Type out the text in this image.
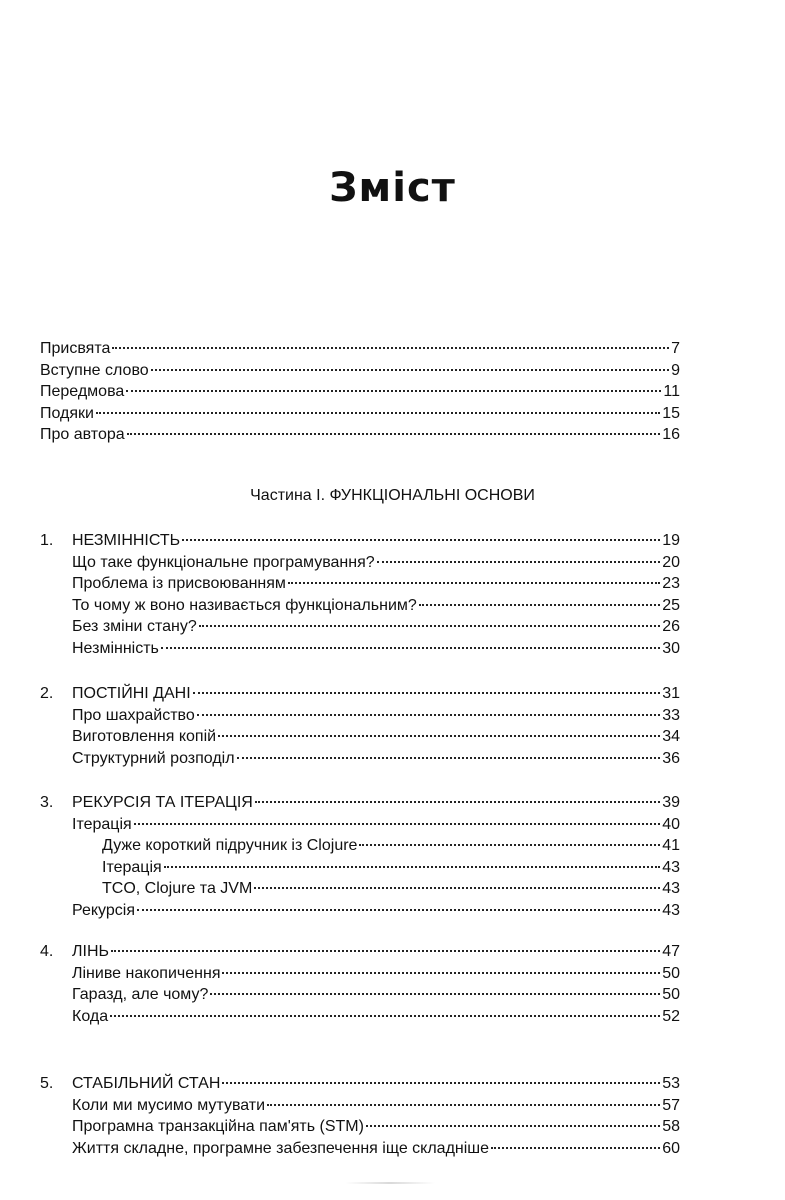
Зміст
Присвята	7
Вступне слово	9
Передмова	11
Подяки	15
Про автора	16
Частина I. ФУНКЦІОНАЛЬНІ ОСНОВИ
1.	НЕЗМІННІСТЬ	19
Що таке функціональне програмування?	20
Проблема із присвоюванням	23
То чому ж воно називається функціональним?	25
Без зміни стану?	26
Незмінність	30
2.	ПОСТІЙНІ ДАНІ	31
Про шахрайство	33
Виготовлення копій	34
Структурний розподіл	36
3.	РЕКУРСІЯ ТА ІТЕРАЦІЯ	39
Ітерація	40
Дуже короткий підручник із Clojure	41
Ітерація	43
TCO, Clojure та JVM	43
Рекурсія	43
4.	ЛІНЬ	47
Ліниве накопичення	50
Гаразд, але чому?	50
Кода	52
5.	СТАБІЛЬНИЙ СТАН	53
Коли ми мусимо мутувати	57
Програмна транзакційна пам'ять (STM)	58
Життя складне, програмне забезпечення іще складніше	60
